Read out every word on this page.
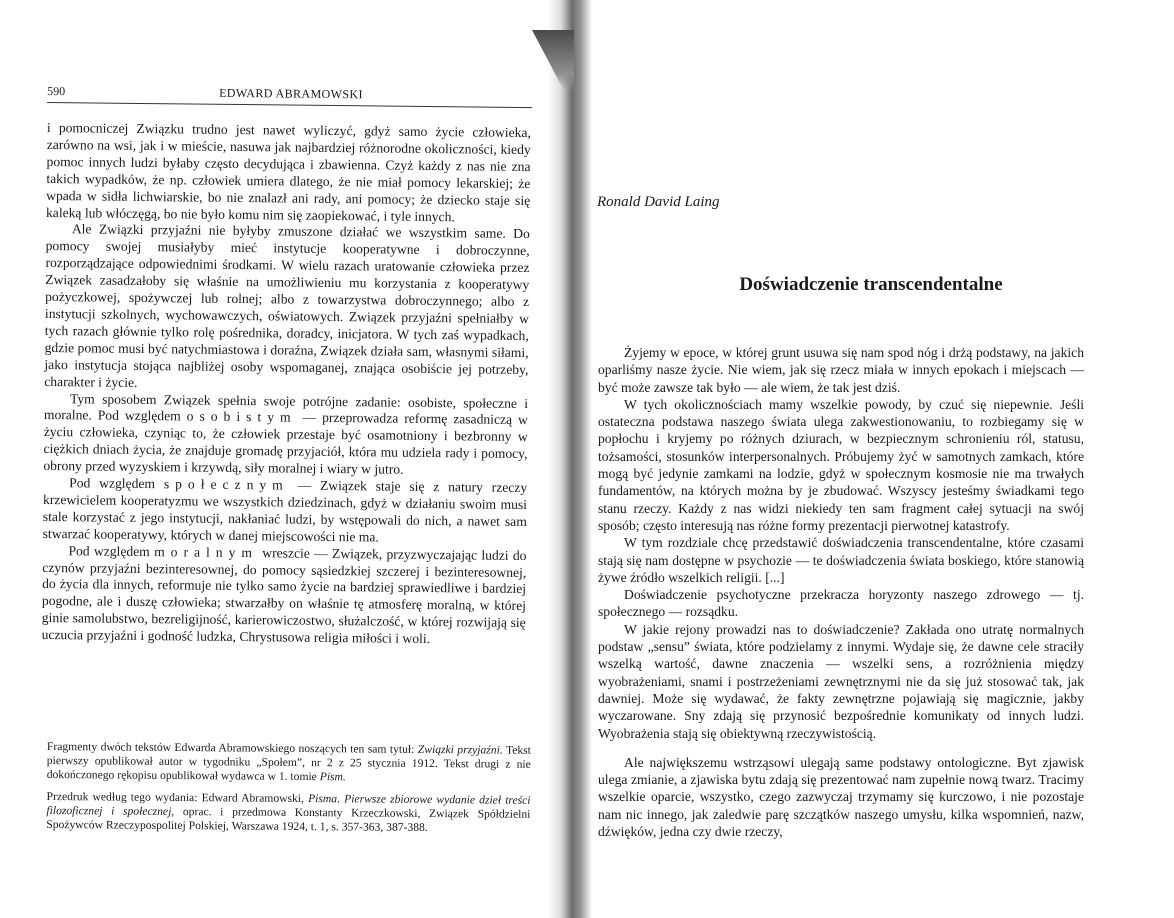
590	EDWARD ABRAMOWSKI

i pomocniczej Związku trudno jest nawet wyliczyć, gdyż samo życie człowieka, zarówno na wsi, jak i w mieście, nasuwa jak najbardziej różnorodne okoliczności, kiedy pomoc innych ludzi byłaby często decydująca i zbawienna. Czyż każdy z nas nie zna takich wypadków, że np. człowiek umiera dlatego, że nie miał pomocy lekarskiej; że wpada w sidła lichwiarskie, bo nie znalazł ani rady, ani pomocy; że dziecko staje się kaleką lub włóczęgą, bo nie było komu nim się zaopiekować, i tyle innych.

Ale Związki przyjaźni nie byłyby zmuszone działać we wszystkim same. Do pomocy swojej musiałyby mieć instytucje kooperatywne i dobroczynne, rozporządzające odpowiednimi środkami. W wielu razach uratowanie człowieka przez Związek zasadzałoby się właśnie na umożliwieniu mu korzystania z kooperatywy pożyczkowej, spożywczej lub rolnej; albo z towarzystwa dobroczynnego; albo z instytucji szkolnych, wychowawczych, oświatowych. Związek przyjaźni spełniałby w tych razach głównie tylko rolę pośrednika, doradcy, inicjatora. W tych zaś wypadkach, gdzie pomoc musi być natychmiastowa i doraźna, Związek działa sam, własnymi siłami, jako instytucja stojąca najbliżej osoby wspomaganej, znająca osobiście jej potrzeby, charakter i życie.

Tym sposobem Związek spełnia swoje potrójne zadanie: osobiste, społeczne i moralne. Pod względem osobistym — przeprowadza reformę zasadniczą w życiu człowieka, czyniąc to, że człowiek przestaje być osamotniony i bezbronny w ciężkich dniach życia, że znajduje gromadę przyjaciół, która mu udziela rady i pomocy, obrony przed wyzyskiem i krzywdą, siły moralnej i wiary w jutro.

Pod względem społecznym — Związek staje się z natury rzeczy krzewicielem kooperatyzmu we wszystkich dziedzinach, gdyż w działaniu swoim musi stale korzystać z jego instytucji, nakłaniać ludzi, by wstępowali do nich, a nawet sam stwarzać kooperatywy, których w danej miejscowości nie ma.

Pod względem moralnym wreszcie — Związek, przyzwyczajając ludzi do czynów przyjaźni bezinteresownej, do pomocy sąsiedzkiej szczerej i bezinteresownej, do życia dla innych, reformuje nie tylko samo życie na bardziej sprawiedliwe i bardziej pogodne, ale i duszę człowieka; stwarzałby on właśnie tę atmosferę moralną, w której ginie samolubstwo, bezreligijność, karierowiczostwo, służalczość, w której rozwijają się uczucia przyjaźni i godność ludzka, Chrystusowa religia miłości i woli.

Fragmenty dwóch tekstów Edwarda Abramowskiego noszących ten sam tytuł: Związki przyjaźni. Tekst pierwszy opublikował autor w tygodniku „Społem”, nr 2 z 25 stycznia 1912. Tekst drugi z nie dokończonego rękopisu opublikował wydawca w 1. tomie Pism.

Przedruk według tego wydania: Edward Abramowski, Pisma. Pierwsze zbiorowe wydanie dzieł treści filozoficznej i społecznej, oprac. i przedmowa Konstanty Krzeczkowski, Związek Spółdzielni Spożywców Rzeczypospolitej Polskiej, Warszawa 1924, t. 1, s. 357-363, 387-388.

Ronald David Laing
Doświadczenie transcendentalne

Żyjemy w epoce, w której grunt usuwa się nam spod nóg i drżą podstawy, na jakich oparliśmy nasze życie. Nie wiem, jak się rzecz miała w innych epokach i miejscach — być może zawsze tak było — ale wiem, że tak jest dziś.

W tych okolicznościach mamy wszelkie powody, by czuć się niepewnie. Jeśli ostateczna podstawa naszego świata ulega zakwestionowaniu, to rozbiegamy się w popłochu i kryjemy po różnych dziurach, w bezpiecznym schronieniu ról, statusu, tożsamości, stosunków interpersonalnych. Próbujemy żyć w samotnych zamkach, które mogą być jedynie zamkami na lodzie, gdyż w społecznym kosmosie nie ma trwałych fundamentów, na których można by je zbudować. Wszyscy jesteśmy świadkami tego stanu rzeczy. Każdy z nas widzi niekiedy ten sam fragment całej sytuacji na swój sposób; często interesują nas różne formy prezentacji pierwotnej katastrofy.

W tym rozdziale chcę przedstawić doświadczenia transcendentalne, które czasami stają się nam dostępne w psychozie — te doświadczenia świata boskiego, które stanowią żywe źródło wszelkich religii. [...]

Doświadczenie psychotyczne przekracza horyzonty naszego zdrowego — tj. społecznego — rozsądku.

W jakie rejony prowadzi nas to doświadczenie? Zakłada ono utratę normalnych podstaw „sensu” świata, które podzielamy z innymi. Wydaje się, że dawne cele straciły wszelką wartość, dawne znaczenia — wszelki sens, a rozróżnienia między wyobrażeniami, snami i postrzeżeniami zewnętrznymi nie da się już stosować tak, jak dawniej. Może się wydawać, że fakty zewnętrzne pojawiają się magicznie, jakby wyczarowane. Sny zdają się przynosić bezpośrednie komunikaty od innych ludzi. Wyobrażenia stają się obiektywną rzeczywistością.

Ale największemu wstrząsowi ulegają same podstawy ontologiczne. Byt zjawisk ulega zmianie, a zjawiska bytu zdają się prezentować nam zupełnie nową twarz. Tracimy wszelkie oparcie, wszystko, czego zazwyczaj trzymamy się kurczowo, i nie pozostaje nam nic innego, jak zaledwie parę szczątków naszego umysłu, kilka wspomnień, nazw, dźwięków, jedna czy dwie rzeczy,
